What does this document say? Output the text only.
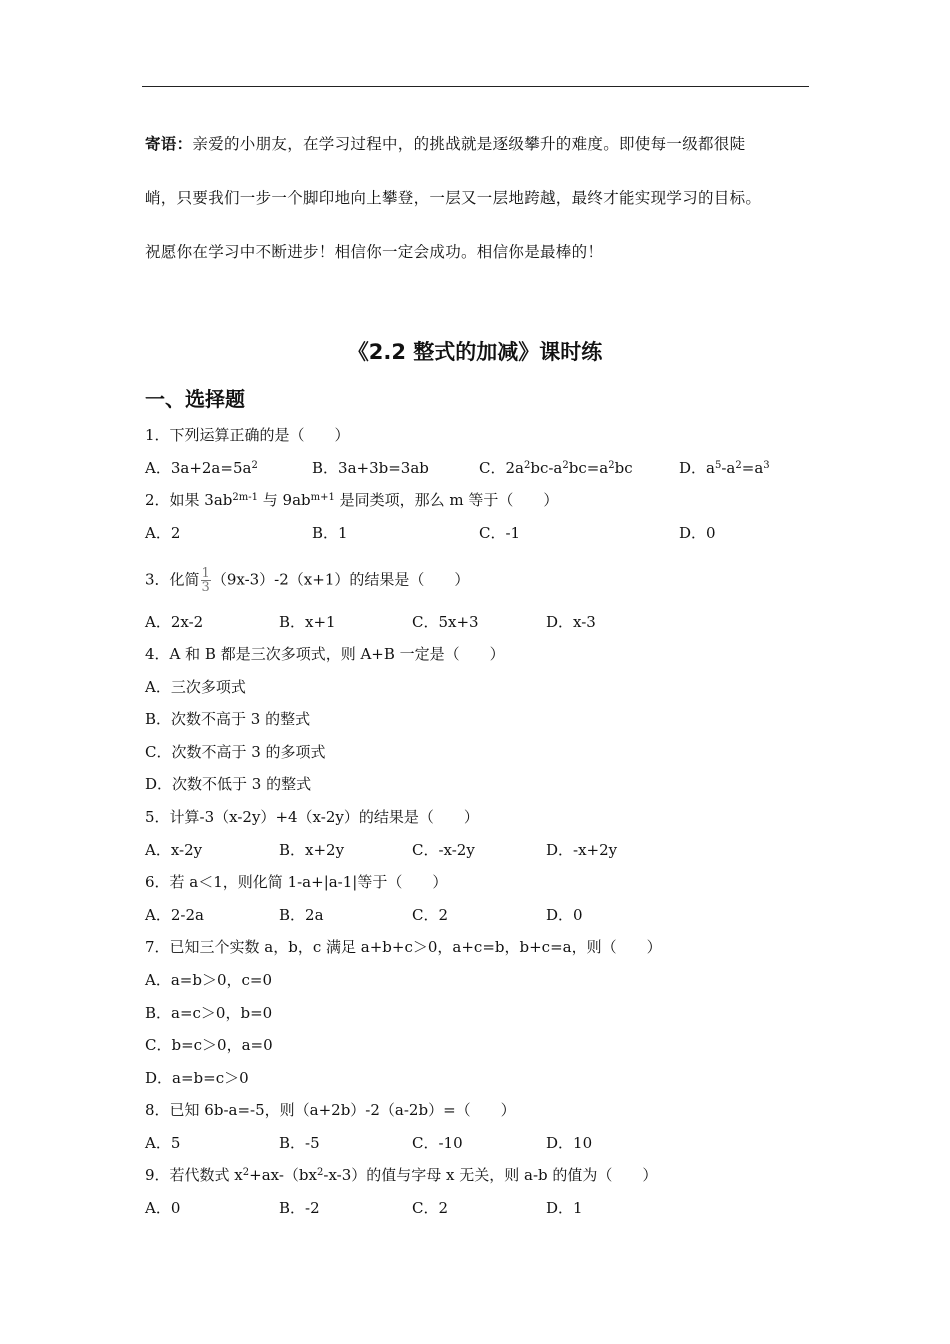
寄语：亲爱的小朋友，在学习过程中，的挑战就是逐级攀升的难度。即使每一级都很陡
峭，只要我们一步一个脚印地向上攀登，一层又一层地跨越，最终才能实现学习的目标。
祝愿你在学习中不断进步！相信你一定会成功。相信你是最棒的！
《2.2 整式的加减》课时练
一、选择题
1．下列运算正确的是（　　）
A．$3a+2a=5a^2$	B．3a+3b=3ab	C．$2a^2bc-a^2bc=a^2bc$	D．$a^5-a^2=a^3$
2．如果 $3ab^{2m-1}$ 与 $9ab^{m+1}$ 是同类项，那么 m 等于（　　）
A．2	B．1	C．-1	D．0
3．化简 $\frac{1}{3} (9x-3)-2(x+1)$的结果是（　　）
A．2x-2	B．x+1	C．5x+3	D．x-3
4．A 和 B 都是三次多项式，则 A+B 一定是（　　）
A．三次多项式
B．次数不高于 3 的整式
C．次数不高于 3 的多项式
D．次数不低于 3 的整式
5．计算-3（x-2y）+4（x-2y）的结果是（　　）
A．x-2y	B．x+2y	C．-x-2y	D．-x+2y
6．若 a＜1，则化简 1-a+|a-1|等于（　　）
A．2-2a	B．2a	C．2	D．0
7．已知三个实数 a，b，c 满足 a+b+c＞0，a+c=b，b+c=a，则（　　）
A．a=b＞0，c=0
B．a=c＞0，b=0
C．b=c＞0，a=0
D．a=b=c＞0
8．已知 6b-a=-5，则（a+2b）-2（a-2b）=（　　）
A．5	B．-5	C．-10	D．10
9．若代数式 $x^2+ax-(bx^2-x-3)$的值与字母 x 无关，则 a-b 的值为（　　）
A．0	B．-2	C．2	D．1
